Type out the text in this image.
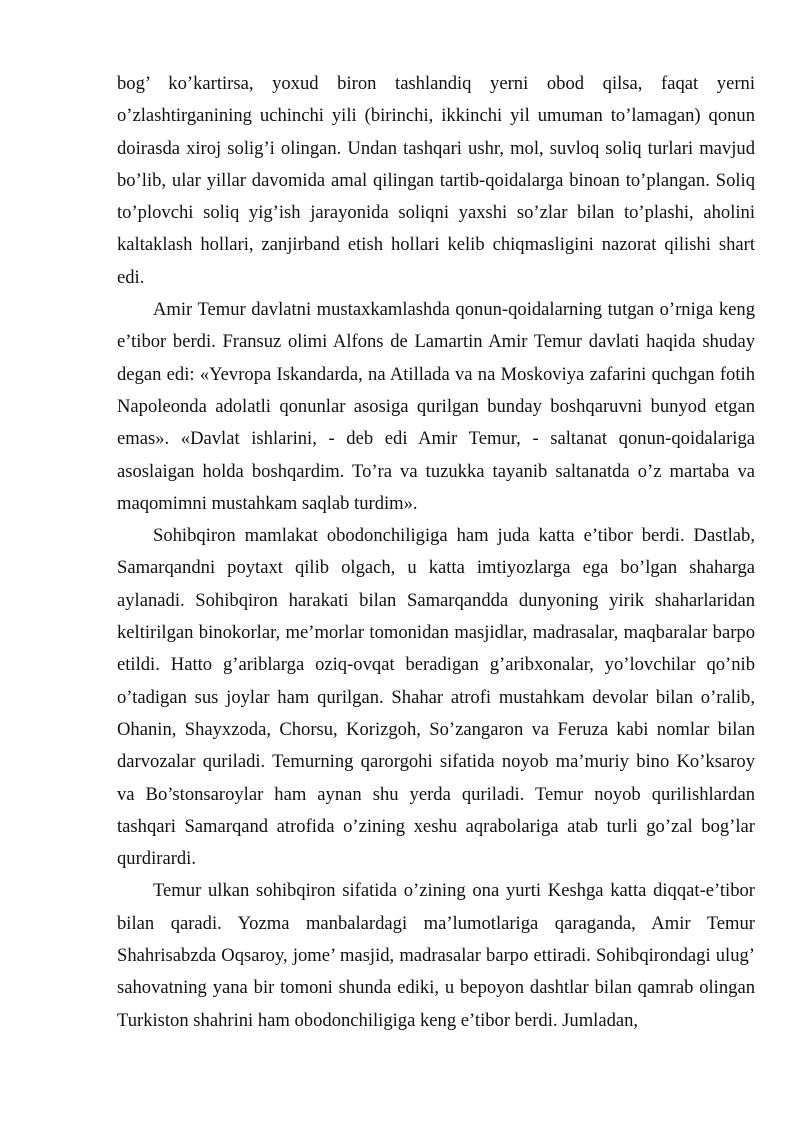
bog’ ko’kartirsa, yoxud biron tashlandiq yerni obod qilsa, faqat yerni o’zlashtirganining uchinchi yili (birinchi, ikkinchi yil umuman to’lamagan) qonun doirasda xiroj solig’i olingan. Undan tashqari ushr, mol, suvloq soliq turlari mavjud bo’lib, ular yillar davomida amal qilingan tartib-qoidalarga binoan to’plangan. Soliq to’plovchi soliq yig’ish jarayonida soliqni yaxshi so’zlar bilan to’plashi, aholini kaltaklash hollari, zanjirband etish hollari kelib chiqmasligini nazorat qilishi shart edi.

Amir Temur davlatni mustaxkamlashda qonun-qoidalarning tutgan o’rniga keng e’tibor berdi. Fransuz olimi Alfons de Lamartin Amir Temur davlati haqida shuday degan edi: «Yevropa Iskandarda, na Atillada va na Moskoviya zafarini quchgan fotih Napoleonda adolatli qonunlar asosiga qurilgan bunday boshqaruvni bunyod etgan emas». «Davlat ishlarini, - deb edi Amir Temur, - saltanat qonun-qoidalariga asoslaigan holda boshqardim. To’ra va tuzukka tayanib saltanatda o’z martaba va maqomimni mustahkam saqlab turdim».

Sohibqiron mamlakat obodonchiligiga ham juda katta e’tibor berdi. Dastlab, Samarqandni poytaxt qilib olgach, u katta imtiyozlarga ega bo’lgan shaharga aylanadi. Sohibqiron harakati bilan Samarqandda dunyoning yirik shaharlaridan keltirilgan binokorlar, me’morlar tomonidan masjidlar, madrasalar, maqbaralar barpo etildi. Hatto g’ariblarga oziq-ovqat beradigan g’aribxonalar, yo’lovchilar qo’nib o’tadigan sus joylar ham qurilgan. Shahar atrofi mustahkam devolar bilan o’ralib, Ohanin, Shayxzoda, Chorsu, Korizgoh, So’zangaron va Feruza kabi nomlar bilan darvozalar quriladi. Temurning qarorgohi sifatida noyob ma’muriy bino Ko’ksaroy va Bo’stonsaroylar ham aynan shu yerda quriladi. Temur noyob qurilishlardan tashqari Samarqand atrofida o’zining xeshu aqrabolariga atab turli go’zal bog’lar qurdirardi.

Temur ulkan sohibqiron sifatida o’zining ona yurti Keshga katta diqqat-e’tibor bilan qaradi. Yozma manbalardagi ma’lumotlariga qaraganda, Amir Temur Shahrisabzda Oqsaroy, jome’ masjid, madrasalar barpo ettiradi. Sohibqirondagi ulug’ sahovatning yana bir tomoni shunda ediki, u bepoyon dashtlar bilan qamrab olingan Turkiston shahrini ham obodonchiligiga keng e’tibor berdi. Jumladan,
